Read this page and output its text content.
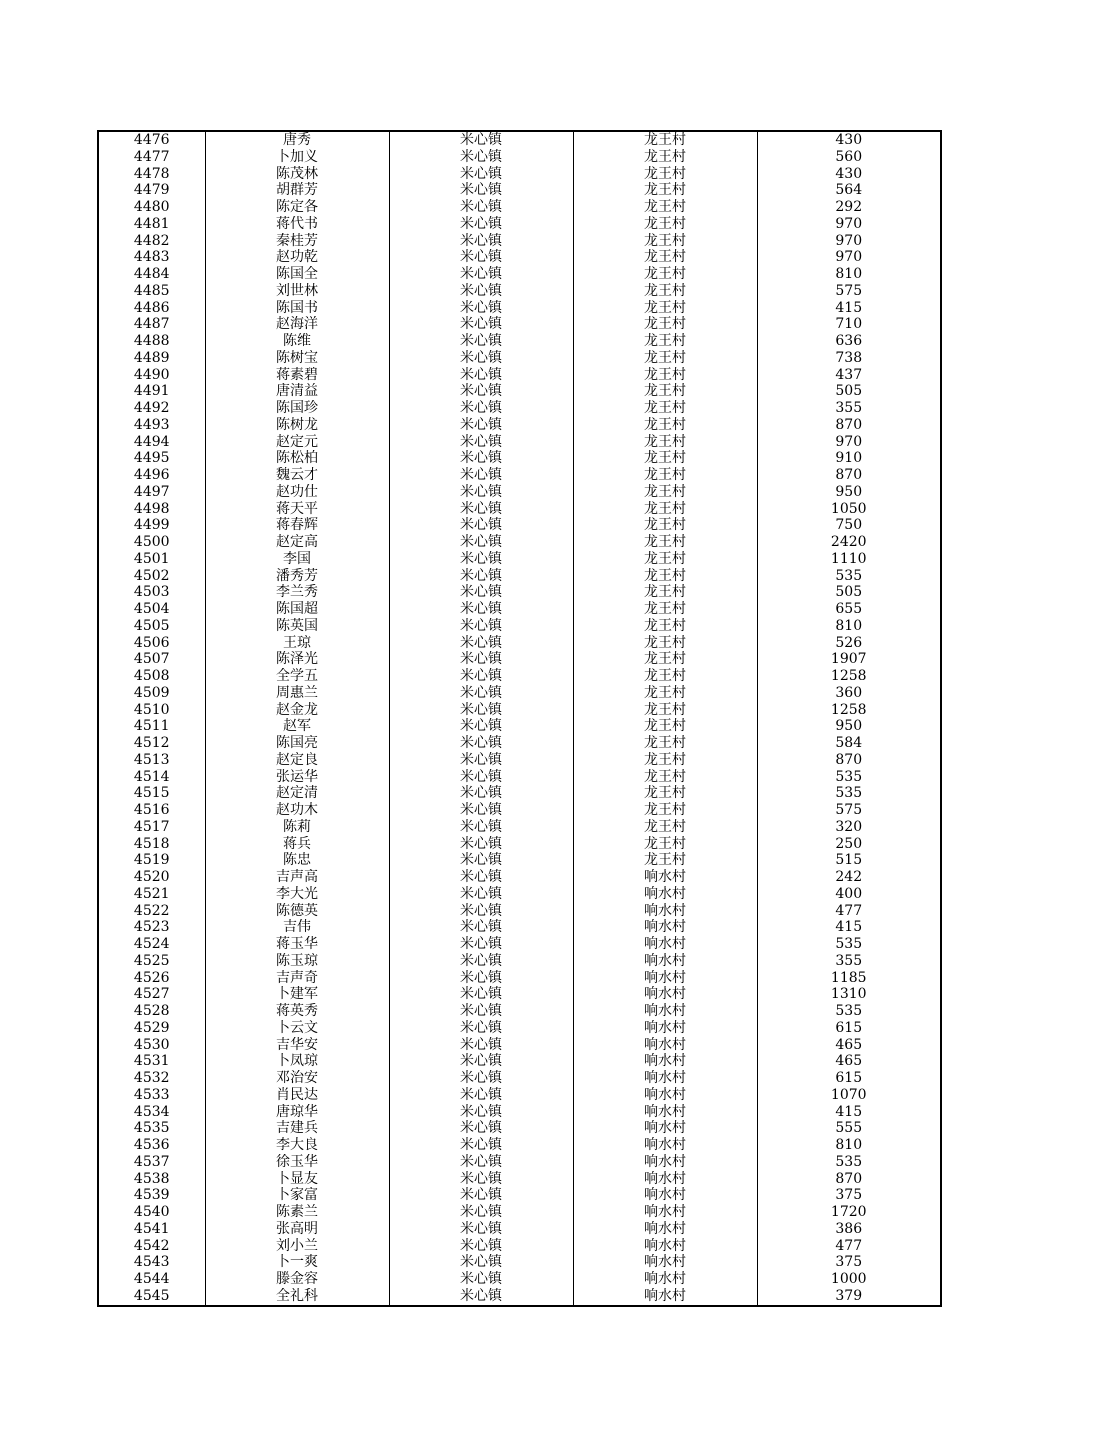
4476	唐秀	米心镇	龙王村	430
4477	卜加义	米心镇	龙王村	560
4478	陈茂林	米心镇	龙王村	430
4479	胡群芳	米心镇	龙王村	564
4480	陈定各	米心镇	龙王村	292
4481	蒋代书	米心镇	龙王村	970
4482	秦桂芳	米心镇	龙王村	970
4483	赵功乾	米心镇	龙王村	970
4484	陈国全	米心镇	龙王村	810
4485	刘世林	米心镇	龙王村	575
4486	陈国书	米心镇	龙王村	415
4487	赵海洋	米心镇	龙王村	710
4488	陈维	米心镇	龙王村	636
4489	陈树宝	米心镇	龙王村	738
4490	蒋素碧	米心镇	龙王村	437
4491	唐清益	米心镇	龙王村	505
4492	陈国珍	米心镇	龙王村	355
4493	陈树龙	米心镇	龙王村	870
4494	赵定元	米心镇	龙王村	970
4495	陈松柏	米心镇	龙王村	910
4496	魏云才	米心镇	龙王村	870
4497	赵功仕	米心镇	龙王村	950
4498	蒋天平	米心镇	龙王村	1050
4499	蒋春辉	米心镇	龙王村	750
4500	赵定高	米心镇	龙王村	2420
4501	李国	米心镇	龙王村	1110
4502	潘秀芳	米心镇	龙王村	535
4503	李兰秀	米心镇	龙王村	505
4504	陈国超	米心镇	龙王村	655
4505	陈英国	米心镇	龙王村	810
4506	王琼	米心镇	龙王村	526
4507	陈泽光	米心镇	龙王村	1907
4508	全学五	米心镇	龙王村	1258
4509	周惠兰	米心镇	龙王村	360
4510	赵金龙	米心镇	龙王村	1258
4511	赵军	米心镇	龙王村	950
4512	陈国亮	米心镇	龙王村	584
4513	赵定良	米心镇	龙王村	870
4514	张运华	米心镇	龙王村	535
4515	赵定清	米心镇	龙王村	535
4516	赵功木	米心镇	龙王村	575
4517	陈莉	米心镇	龙王村	320
4518	蒋兵	米心镇	龙王村	250
4519	陈忠	米心镇	龙王村	515
4520	吉声高	米心镇	响水村	242
4521	李大光	米心镇	响水村	400
4522	陈德英	米心镇	响水村	477
4523	吉伟	米心镇	响水村	415
4524	蒋玉华	米心镇	响水村	535
4525	陈玉琼	米心镇	响水村	355
4526	吉声奇	米心镇	响水村	1185
4527	卜建军	米心镇	响水村	1310
4528	蒋英秀	米心镇	响水村	535
4529	卜云文	米心镇	响水村	615
4530	吉华安	米心镇	响水村	465
4531	卜凤琼	米心镇	响水村	465
4532	邓治安	米心镇	响水村	615
4533	肖民达	米心镇	响水村	1070
4534	唐琼华	米心镇	响水村	415
4535	吉建兵	米心镇	响水村	555
4536	李大良	米心镇	响水村	810
4537	徐玉华	米心镇	响水村	535
4538	卜显友	米心镇	响水村	870
4539	卜家富	米心镇	响水村	375
4540	陈素兰	米心镇	响水村	1720
4541	张高明	米心镇	响水村	386
4542	刘小兰	米心镇	响水村	477
4543	卜一爽	米心镇	响水村	375
4544	滕金容	米心镇	响水村	1000
4545	全礼科	米心镇	响水村	379
